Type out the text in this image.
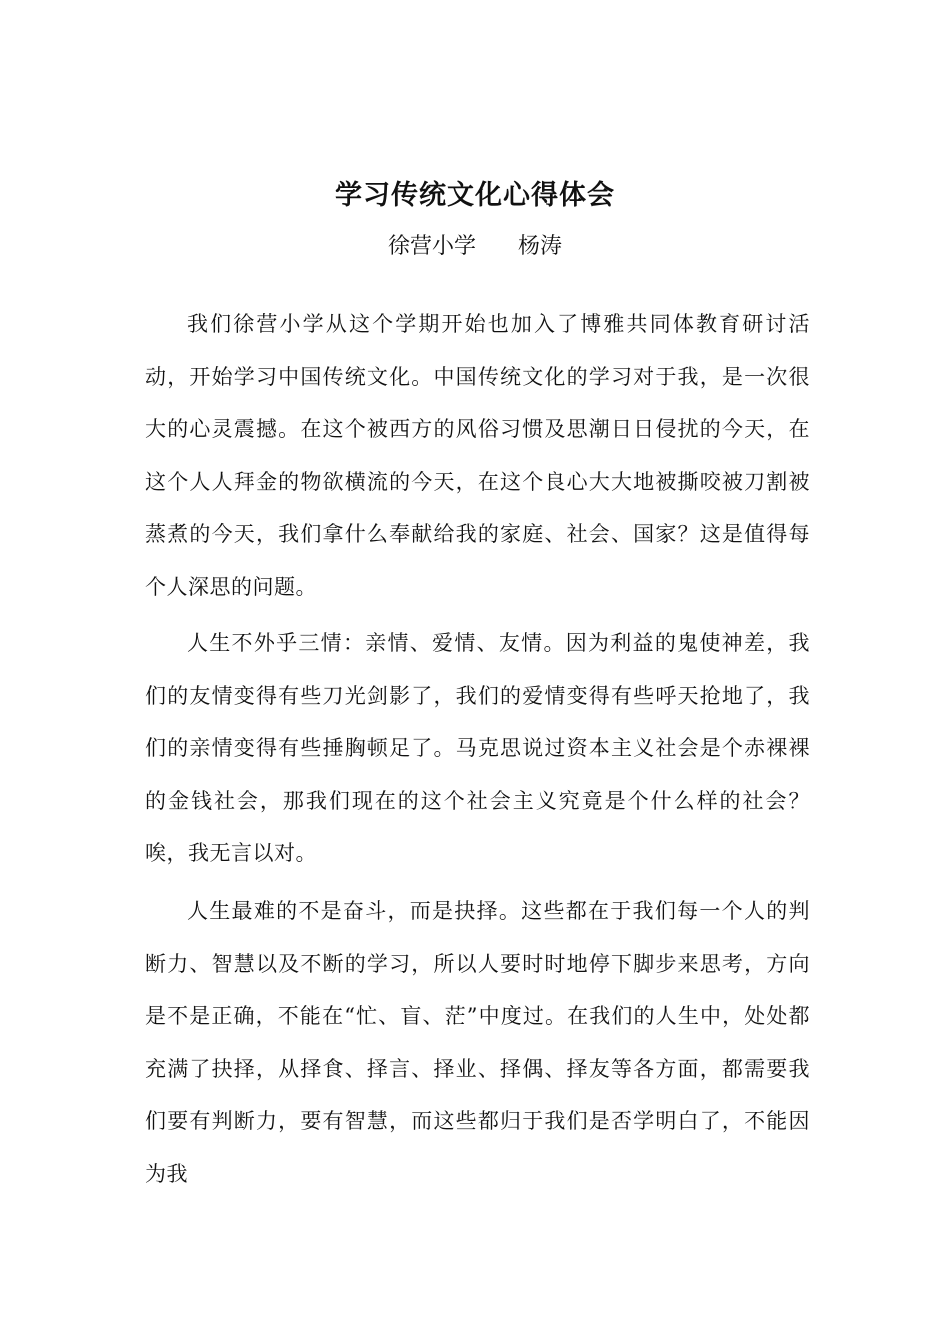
学习传统文化心得体会
徐营小学      杨涛

我们徐营小学从这个学期开始也加入了博雅共同体教育研讨活动，开始学习中国传统文化。中国传统文化的学习对于我，是一次很大的心灵震撼。在这个被西方的风俗习惯及思潮日日侵扰的今天，在这个人人拜金的物欲横流的今天，在这个良心大大地被撕咬被刀割被蒸煮的今天，我们拿什么奉献给我的家庭、社会、国家？这是值得每个人深思的问题。

人生不外乎三情：亲情、爱情、友情。因为利益的鬼使神差，我们的友情变得有些刀光剑影了，我们的爱情变得有些呼天抢地了，我们的亲情变得有些捶胸顿足了。马克思说过资本主义社会是个赤裸裸的金钱社会，那我们现在的这个社会主义究竟是个什么样的社会？唉，我无言以对。

人生最难的不是奋斗，而是抉择。这些都在于我们每一个人的判断力、智慧以及不断的学习，所以人要时时地停下脚步来思考，方向是不是正确，不能在“忙、盲、茫”中度过。在我们的人生中，处处都充满了抉择，从择食、择言、择业、择偶、择友等各方面，都需要我们要有判断力，要有智慧，而这些都归于我们是否学明白了，不能因为我
